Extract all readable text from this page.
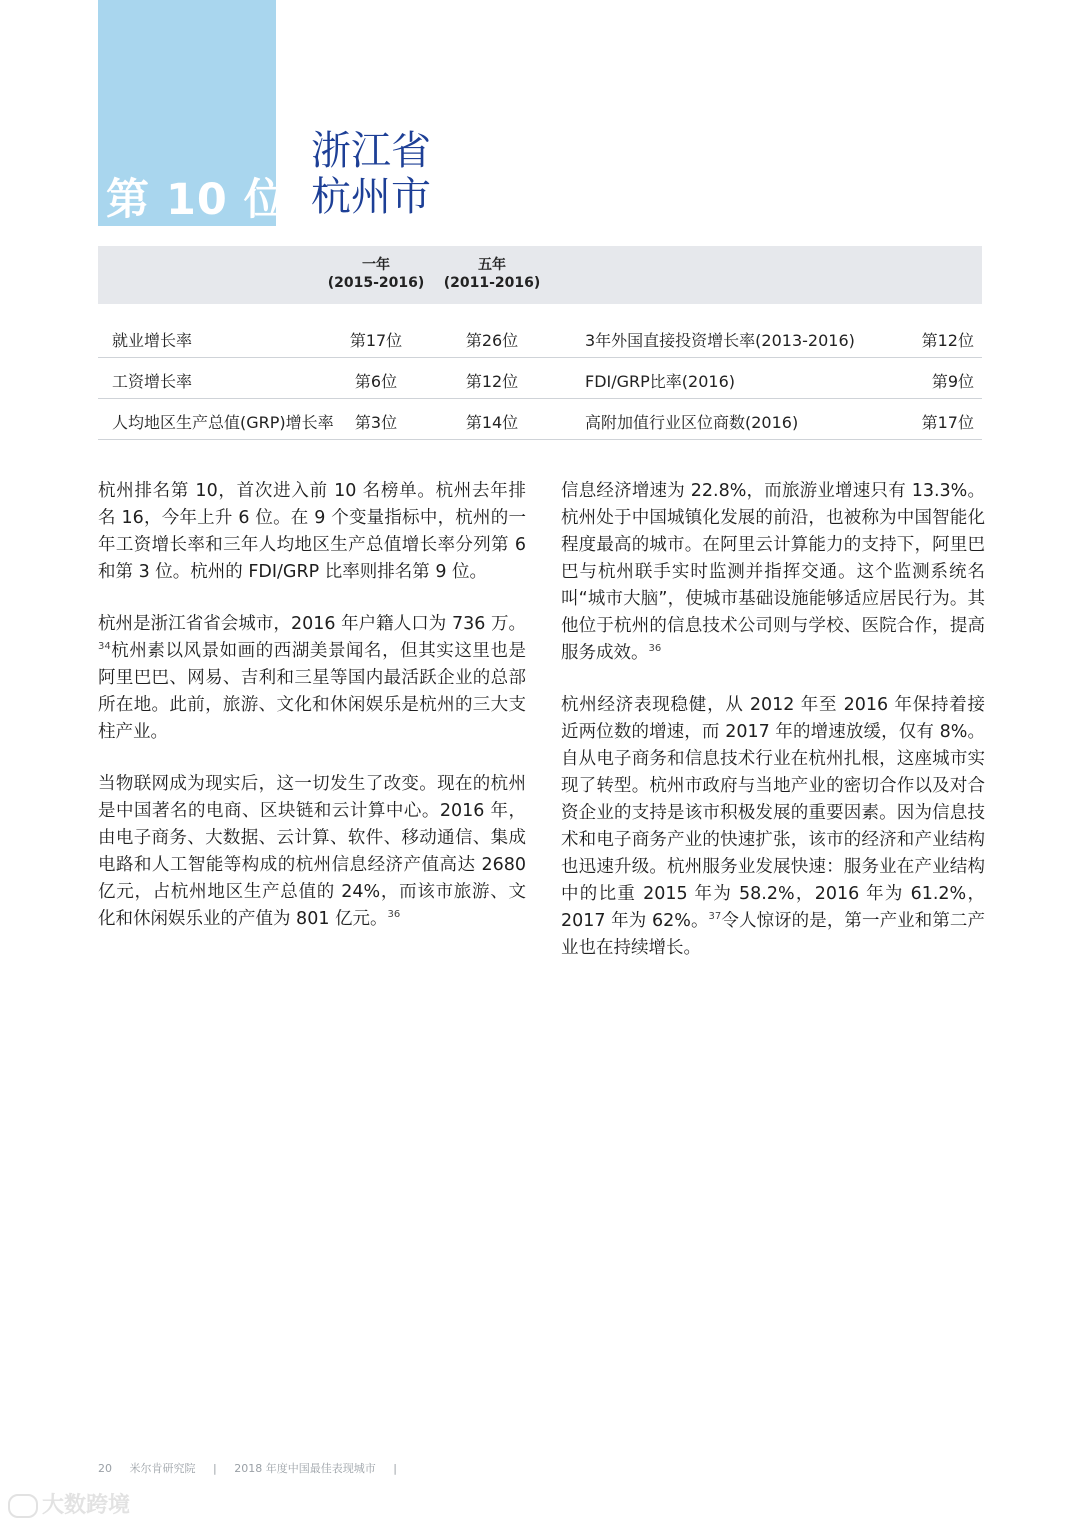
第 10 位
浙江省
杭州市
一年
(2015-2016)
五年
(2011-2016)
就业增长率	第17位	第26位	3年外国直接投资增长率(2013-2016)	第12位
工资增长率	第6位	第12位	FDI/GRP比率(2016)	第9位
人均地区生产总值(GRP)增长率	第3位	第14位	高附加值行业区位商数(2016)	第17位

杭州排名第 10，首次进入前 10 名榜单。杭州去年排名 16，今年上升 6 位。在 9 个变量指标中，杭州的一年工资增长率和三年人均地区生产总值增长率分列第 6 和第 3 位。杭州的 FDI/GRP 比率则排名第 9 位。

杭州是浙江省省会城市，2016 年户籍人口为 736 万。$^{34}$杭州素以风景如画的西湖美景闻名，但其实这里也是阿里巴巴、网易、吉利和三星等国内最活跃企业的总部所在地。此前，旅游、文化和休闲娱乐是杭州的三大支柱产业。

当物联网成为现实后，这一切发生了改变。现在的杭州是中国著名的电商、区块链和云计算中心。2016 年，由电子商务、大数据、云计算、软件、移动通信、集成电路和人工智能等构成的杭州信息经济产值高达 2680 亿元，占杭州地区生产总值的 24%，而该市旅游、文化和休闲娱乐业的产值为 801 亿元。$^{36}$

信息经济增速为 22.8%，而旅游业增速只有 13.3%。杭州处于中国城镇化发展的前沿，也被称为中国智能化程度最高的城市。在阿里云计算能力的支持下，阿里巴巴与杭州联手实时监测并指挥交通。这个监测系统名叫“城市大脑”，使城市基础设施能够适应居民行为。其他位于杭州的信息技术公司则与学校、医院合作，提高服务成效。$^{36}$

杭州经济表现稳健，从 2012 年至 2016 年保持着接近两位数的增速，而 2017 年的增速放缓，仅有 8%。自从电子商务和信息技术行业在杭州扎根，这座城市实现了转型。杭州市政府与当地产业的密切合作以及对合资企业的支持是该市积极发展的重要因素。因为信息技术和电子商务产业的快速扩张，该市的经济和产业结构也迅速升级。杭州服务业发展快速：服务业在产业结构中的比重 2015 年为 58.2%，2016 年为 61.2%，2017 年为 62%。$^{37}$令人惊讶的是，第一产业和第二产业也在持续增长。

20 米尔肯研究院 | 2018 年度中国最佳表现城市 |
大数跨境
